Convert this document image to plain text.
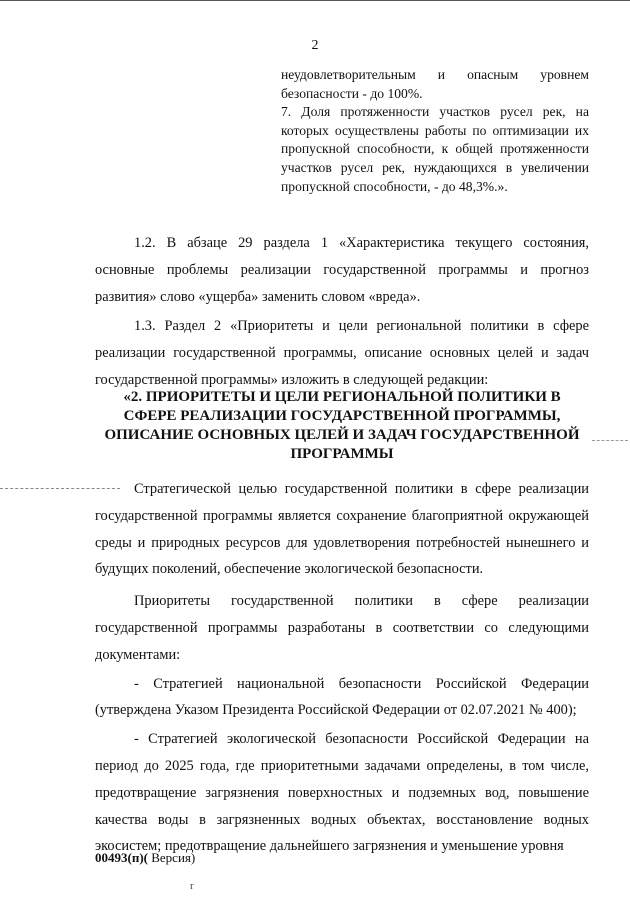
2

неудовлетворительным и опасным уровнем безопасности - до 100%.

7. Доля протяженности участков русел рек, на которых осуществлены работы по оптимизации их пропускной способности, к общей протяженности участков русел рек, нуждающихся в увеличении пропускной способности, - до 48,3%.».

1.2. В абзаце 29 раздела 1 «Характеристика текущего состояния, основные проблемы реализации государственной программы и прогноз развития» слово «ущерба» заменить словом «вреда».

1.3. Раздел 2 «Приоритеты и цели региональной политики в сфере реализации государственной программы, описание основных целей и задач государственной программы» изложить в следующей редакции:

«2. ПРИОРИТЕТЫ И ЦЕЛИ РЕГИОНАЛЬНОЙ ПОЛИТИКИ В
СФЕРЕ РЕАЛИЗАЦИИ ГОСУДАРСТВЕННОЙ ПРОГРАММЫ,
ОПИСАНИЕ ОСНОВНЫХ ЦЕЛЕЙ И ЗАДАЧ ГОСУДАРСТВЕННОЙ
ПРОГРАММЫ

Стратегической целью государственной политики в сфере реализации государственной программы является сохранение благоприятной окружающей среды и природных ресурсов для удовлетворения потребностей нынешнего и будущих поколений, обеспечение экологической безопасности.

Приоритеты государственной политики в сфере реализации государственной программы разработаны в соответствии со следующими документами:

- Стратегией национальной безопасности Российской Федерации (утверждена Указом Президента Российской Федерации от 02.07.2021 № 400);

- Стратегией экологической безопасности Российской Федерации на период до 2025 года, где приоритетными задачами определены, в том числе, предотвращение загрязнения поверхностных и подземных вод, повышение качества воды в загрязненных водных объектах, восстановление водных экосистем; предотвращение дальнейшего загрязнения и уменьшение уровня

00493(п)( Версия)
r
